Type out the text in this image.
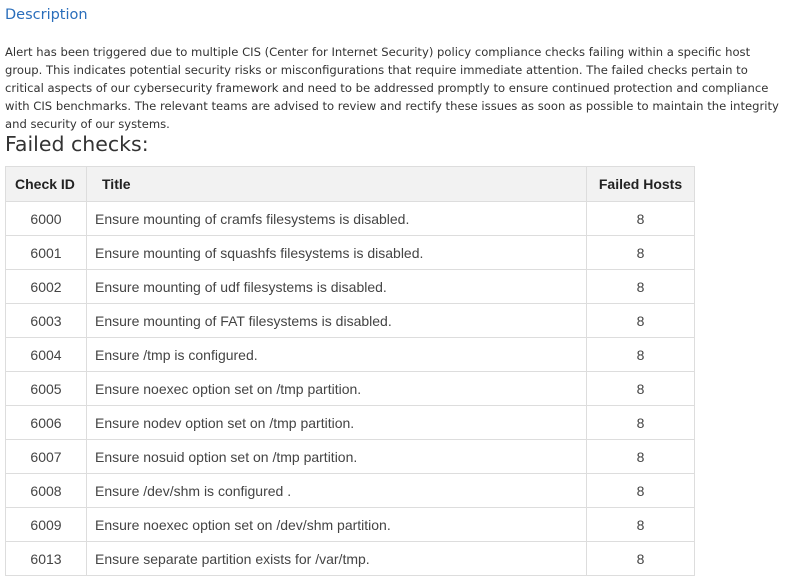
Description

Alert has been triggered due to multiple CIS (Center for Internet Security) policy compliance checks failing within a specific host group. This indicates potential security risks or misconfigurations that require immediate attention. The failed checks pertain to critical aspects of our cybersecurity framework and need to be addressed promptly to ensure continued protection and compliance with CIS benchmarks. The relevant teams are advised to review and rectify these issues as soon as possible to maintain the integrity and security of our systems.

Failed checks:
Check ID	Title	Failed Hosts
6000	Ensure mounting of cramfs filesystems is disabled.	8
6001	Ensure mounting of squashfs filesystems is disabled.	8
6002	Ensure mounting of udf filesystems is disabled.	8
6003	Ensure mounting of FAT filesystems is disabled.	8
6004	Ensure /tmp is configured.	8
6005	Ensure noexec option set on /tmp partition.	8
6006	Ensure nodev option set on /tmp partition.	8
6007	Ensure nosuid option set on /tmp partition.	8
6008	Ensure /dev/shm is configured .	8
6009	Ensure noexec option set on /dev/shm partition.	8
6013	Ensure separate partition exists for /var/tmp.	8
